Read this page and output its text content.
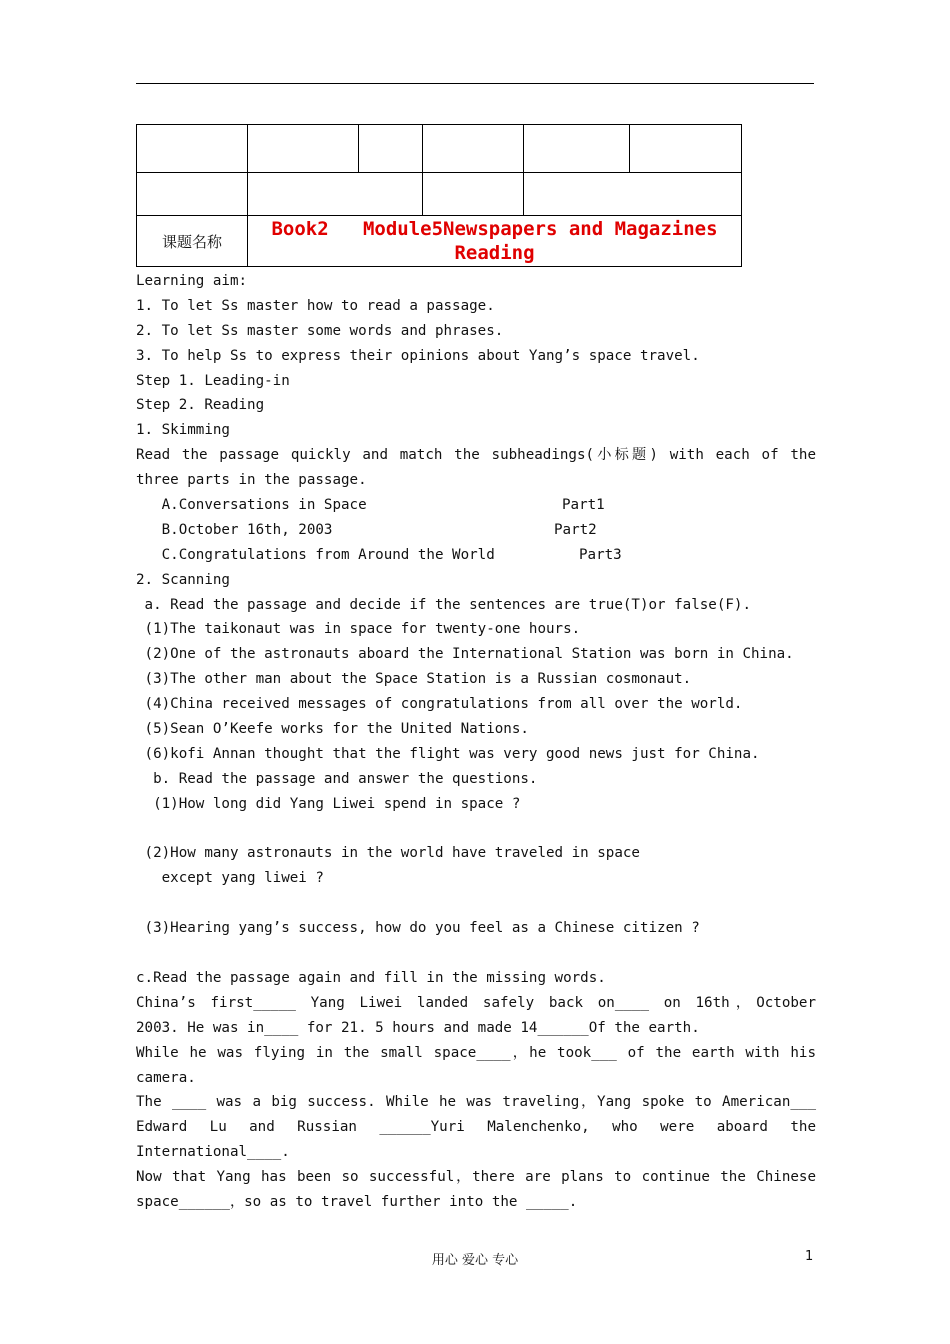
课题名称	Book2   Module5Newspapers and Magazines
Reading				
Learning aim:
1. To let Ss master how to read a passage.
2. To let Ss master some words and phrases.
3. To help Ss to express their opinions about Yang’s space travel.
Step 1. Leading-in
Step 2. Reading
1. Skimming
Read the passage quickly and match the subheadings(小标题) with each of the
three parts in the passage.
A.Conversations in Space	Part1
B.October 16th, 2003	Part2
C.Congratulations from Around the World	Part3
2. Scanning
a. Read the passage and decide if the sentences are true(T)or false(F).
(1)The taikonaut was in space for twenty-one hours.
(2)One of the astronauts aboard the International Station was born in China.
(3)The other man about the Space Station is a Russian cosmonaut.
(4)China received messages of congratulations from all over the world.
(5)Sean O’Keefe works for the United Nations.
(6)kofi Annan thought that the flight was very good news just for China.
b. Read the passage and answer the questions.
(1)How long did Yang Liwei spend in space ?
(2)How many astronauts in the world have traveled in space
except yang liwei ?
(3)Hearing yang’s success, how do you feel as a Chinese citizen ?
c.Read the passage again and fill in the missing words.
China’s first_____ Yang Liwei landed safely back on____ on 16th，October
2003. He was in____ for 21. 5 hours and made 14______Of the earth.
While he was flying in the small space____，he took___ of the earth with his
camera.
The ____ was a big success. While he was traveling，Yang spoke to American___
Edward Lu and Russian ______Yuri Malenchenko, who were aboard the
International____.
Now that Yang has been so successful，there are plans to continue the Chinese
space______，so as to travel further into the _____.
用心 爱心 专心	1
